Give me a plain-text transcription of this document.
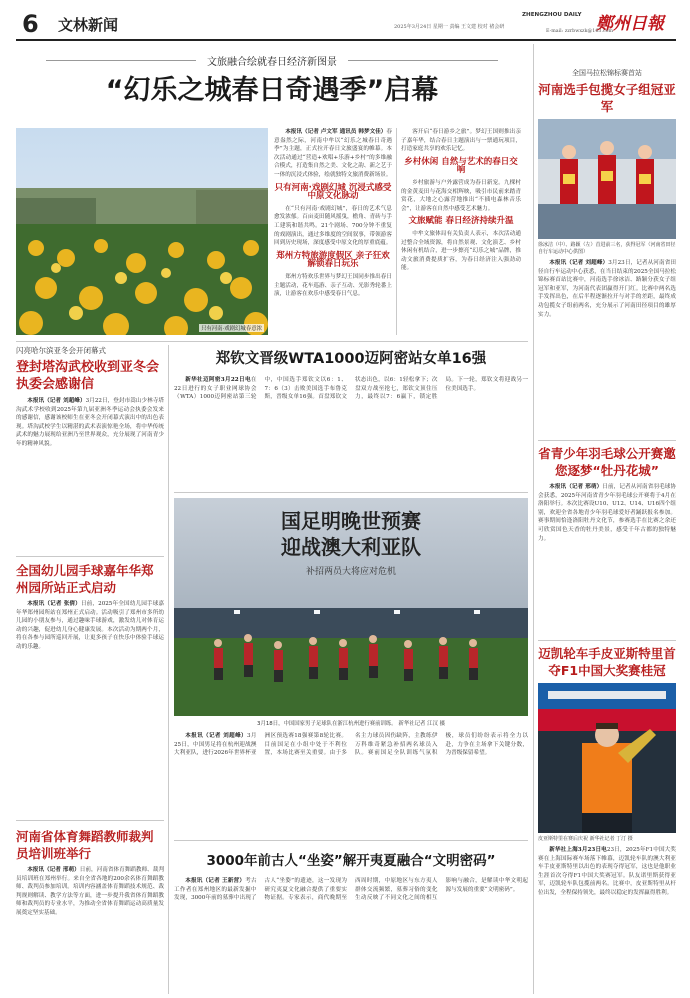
6 文林新闻
ZHENGZHOU DAILY 鄭州日報
2025年3月24日 星期一 责编 王文建 校对 褚会研
E-mail: zzrbwxzk@163.com
文旅融合绘就春日经济新图景
“幻乐之城春日奇遇季”启幕
只有河南·戏剧幻城春意浓

本报讯（记者 卢文军 通讯员 韩梦文佳）春意盎然之际，河南中牟以“幻乐之城春日奇遇季”为主题，正式拉开春日文旅盛宴的帷幕。本次活动通过“营造+欢唱+乐游+乡村”的多维融合模式，打造集自然之美、文化之韵、新之艺于一体的沉浸式体验，绘就独特文旅消费新场景。

只有河南·戏剧幻城 沉浸式感受中原文化脉动

在“只有河南·戏剧幻城”，春日的艺术气息愈发浓郁。百亩麦田随风摇曳，檐角、青砖与手工建筑和谐共鸣。21个剧场、700分钟不重复的戏剧演出，通过多维度的空间叙事，带领游客回到历史现场，深度感受中原文化的厚重底蕴。

郑州方特旅游度假区 亲子狂欢解锁春日玩乐

郑州方特欢乐世界与梦幻王国同步推出春日主题活动，花车巡游、亲子互动、光影秀轮番上演，让游客在欢乐中感受春日气息。

客开启“春日游乡之旅”。梦幻王国则推出亲子嘉年华，结合春日主题演出与一票通玩项目，打造家庭共享的欢乐记忆。

乡村休闲 自然与艺术的春日交响

乡村旅游与户外露营成为春日新宠。九棵村的金黄麦田与花海交相辉映，吸引市民前来踏青赏花，大地之心露营地推出“不插电森林音乐会”，让游客在自然中感受艺术魅力。

文旅赋能 春日经济持续升温

中牟文旅体局有关负责人表示，本次活动通过整合全域资源，将自然景观、文化演艺、乡村休闲有机结合，进一步擦亮“幻乐之城”品牌，推动文旅消费提质扩容，为春日经济注入强劲动能。

闪亮哈尔滨亚冬会开闭幕式
登封塔沟武校收到亚冬会执委会感谢信

本报讯（记者 刘超峰）3月22日，登封市嵩山少林寺塔沟武术学校收到2025年第九届亚洲冬季运动会执委会发来的感谢信，感谢该校师生在亚冬会开闭幕式演出中的出色表现。塔沟武校学生以精湛的武术表演惊艳全场，将中华传统武术的魅力展现给亚洲乃至世界观众，充分展现了河南青少年的精神风貌。

全国幼儿园手球嘉年华郑州园所站正式启动

本报讯（记者 张倩）日前，2025年全国幼儿园手球嘉年华郑州园所站在郑州正式启动。活动吸引了郑州市多所幼儿园的小朋友参与，通过趣味手球游戏，激发幼儿对体育运动的兴趣，促进幼儿身心健康发展。本次活动为期两个月，将在各参与园所巡回开展，让更多孩子在快乐中体验手球运动的乐趣。

河南省体育舞蹈教师裁判员培训班举行

本报讯（记者 邢萌）日前，河南省体育舞蹈教师、裁判员培训班在郑州举行。来自全省各地的200余名体育舞蹈教师、裁判员参加培训。培训内容涵盖体育舞蹈技术规范、裁判规则解读、教学方法等方面，进一步提升我省体育舞蹈教师和裁判员的专业水平，为推动全省体育舞蹈运动高质量发展奠定坚实基础。

郑钦文晋级WTA1000迈阿密站女单16强

新华社迈阿密3月22日电在22日进行的女子职业网球协会（WTA）1000迈阿密站第三轮中，中国选手郑钦文以6：1、7：6（3）击败美国选手布鲁克斯，晋级女单16强。首盘郑钦文状态出色，以6：1轻松拿下；次盘双方战至抢七，郑钦文顶住压力，最终以7：6赢下，锁定胜局。下一轮，郑钦文将迎战另一位美国选手。

国足明晚世预赛
迎战澳大利亚队
补招两员大将应对危机
3月18日，中国国家男子足球队在浙江杭州进行赛前训练。 新华社记者 江汉 摄

本报讯（记者 刘超峰）3月25日，中国男足将在杭州迎战澳大利亚队，进行2026年世界杯亚洲区预选赛18强赛第8轮比赛。目前国足在小组中处于不利位置，本场比赛至关重要。由于多名主力球员因伤缺阵，主教练伊万科维奇紧急补招两名球员入队。赛前国足全队训练气氛积极，球员们纷纷表示将全力以赴，力争在主场拿下关键分数，为晋级保留希望。

3000年前古人“坐姿”解开夷夏融合“文明密码”

本报讯（记者 王新营）考古工作者在郑州地区的最新发掘中发现，3000年前的墓葬中出现了古人“坐姿”的遗迹，这一发现为研究夷夏文化融合提供了重要实物证据。专家表示，商代晚期至西周时期，中原地区与东方夷人群体交流频繁，墓葬习俗的变化生动反映了不同文化之间的相互影响与融合，是解读中华文明起源与发展的重要“文明密码”。

全国马拉松锦标赛首站
河南选手包揽女子组冠亚军
徐冰洁（中）、路颖（左）首进前三名，获得冠军（河南省田径自行车运动中心供图）

本报讯（记者 刘超峰）3月23日，记者从河南省田径自行车运动中心获悉，在当日结束的2025全国马拉松锦标赛首站比赛中，河南选手徐冰洁、路颖分获女子组冠军和亚军，为河南代表团赢得开门红。比赛中两名选手发挥出色，在后半程逐渐拉开与对手的差距，最终成功包揽女子组前两名，充分展示了河南田径项目的雄厚实力。

省青少年羽毛球公开赛邀您逐梦“牡丹花城”

本报讯（记者 邢萌）日前，记者从河南省羽毛球协会获悉，2025年河南省青少年羽毛球公开赛将于4月在洛阳举行。本次比赛设U10、U12、U14、U16四个组别，欢迎全省各地青少年羽毛球爱好者踊跃报名参加。赛事期间恰逢洛阳牡丹文化节，参赛选手在比赛之余还可欣赏国色天香的牡丹美景，感受千年古都的独特魅力。

迈凯轮车手皮亚斯特里首夺F1中国大奖赛桂冠
皮亚斯特里在赛后庆祝 新华社记者 丁汀 摄

新华社上海3月23日电23日，2025年F1中国大奖赛在上海国际赛车场落下帷幕，迈凯轮车队的澳大利亚车手皮亚斯特里以出色的表现夺得冠军，这也是他职业生涯首次夺得F1中国大奖赛冠军。队友诺里斯获得亚军，迈凯轮车队包揽前两名。比赛中，皮亚斯特里从杆位出发，全程保持领先，最终以稳定的发挥赢得胜利。
